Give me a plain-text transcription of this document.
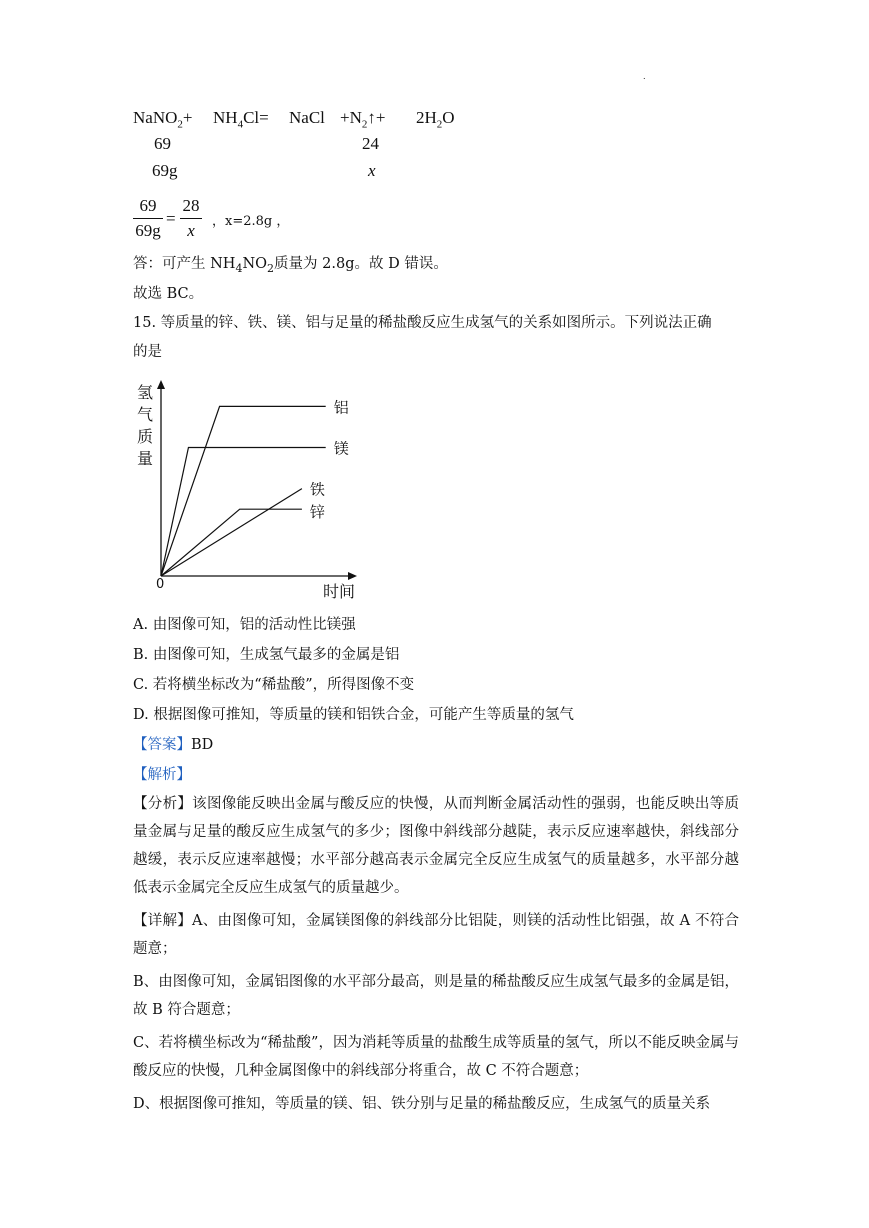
.
NaNO$_2$+ $NH_4Cl=$ NaCl $+N_2↑+ 2H_2O$
69	24
69g	x
69
69g
=
28
x	，x=2.8g ，
答：可产生 $NH_4NO_2$质量为 2.8g。故 D 错误。
故选 BC。
15. 等质量的锌、铁、镁、铝与足量的稀盐酸反应生成氢气的关系如图所示。下列说法正确
的是
氢
气
质
量
时间
0
铝
镁
铁
锌
A. 由图像可知，铝的活动性比镁强
B. 由图像可知，生成氢气最多的金属是铝
C. 若将横坐标改为“稀盐酸”，所得图像不变
D. 根据图像可推知，等质量的镁和铝铁合金，可能产生等质量的氢气
【答案】BD
【解析】
【分析】该图像能反映出金属与酸反应的快慢，从而判断金属活动性的强弱，也能反映出等质量金属与足量的酸反应生成氢气的多少；图像中斜线部分越陡，表示反应速率越快，斜线部分越缓，表示反应速率越慢；水平部分越高表示金属完全反应生成氢气的质量越多，水平部分越低表示金属完全反应生成氢气的质量越少。
【详解】A、由图像可知，金属镁图像的斜线部分比铝陡，则镁的活动性比铝强，故 A 不符合题意；
B、由图像可知，金属铝图像的水平部分最高，则是量的稀盐酸反应生成氢气最多的金属是铝，故 B 符合题意；
C、若将横坐标改为“稀盐酸”，因为消耗等质量的盐酸生成等质量的氢气，所以不能反映金属与酸反应的快慢，几种金属图像中的斜线部分将重合，故 C 不符合题意；
D、根据图像可推知，等质量的镁、铝、铁分别与足量的稀盐酸反应，生成氢气的质量关系
